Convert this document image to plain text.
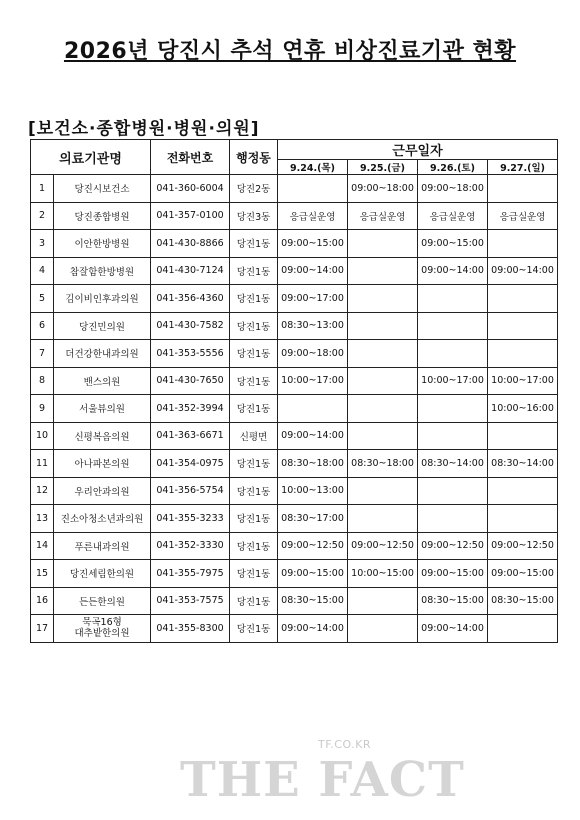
2026년 당진시 추석 연휴 비상진료기관 현황
[보건소·종합병원·병원·의원]
의료기관명		전화번호	행정동	근무일자			
				9.24.(목)	9.25.(금)	9.26.(토)	9.27.(일)
1	당진시보건소	041-360-6004	당진2동		09:00~18:00	09:00~18:00	
2	당진종합병원	041-357-0100	당진3동	응급실운영	응급실운영	응급실운영	응급실운영
3	이안한방병원	041-430-8866	당진1동	09:00~15:00		09:00~15:00	
4	참잘함한방병원	041-430-7124	당진1동	09:00~14:00		09:00~14:00	09:00~14:00
5	김이비인후과의원	041-356-4360	당진1동	09:00~17:00			
6	당진민의원	041-430-7582	당진1동	08:30~13:00			
7	더건강한내과의원	041-353-5556	당진1동	09:00~18:00			
8	밴스의원	041-430-7650	당진1동	10:00~17:00		10:00~17:00	10:00~17:00
9	서울뷰의원	041-352-3994	당진1동				10:00~16:00
10	신평복음의원	041-363-6671	신평면	09:00~14:00			
11	아나파본의원	041-354-0975	당진1동	08:30~18:00	08:30~18:00	08:30~14:00	08:30~14:00
12	우리안과의원	041-356-5754	당진1동	10:00~13:00			
13	진소아청소년과의원	041-355-3233	당진1동	08:30~17:00			
14	푸른내과의원	041-352-3330	당진1동	09:00~12:50	09:00~12:50	09:00~12:50	09:00~12:50
15	당진세림한의원	041-355-7975	당진1동	09:00~15:00	10:00~15:00	09:00~15:00	09:00~15:00
16	든든한의원	041-353-7575	당진1동	08:30~15:00		08:30~15:00	08:30~15:00
17	묵곡16형
대추밭한의원	041-355-8300	당진1동	09:00~14:00		09:00~14:00	
TF.CO.KR
THE FACT
